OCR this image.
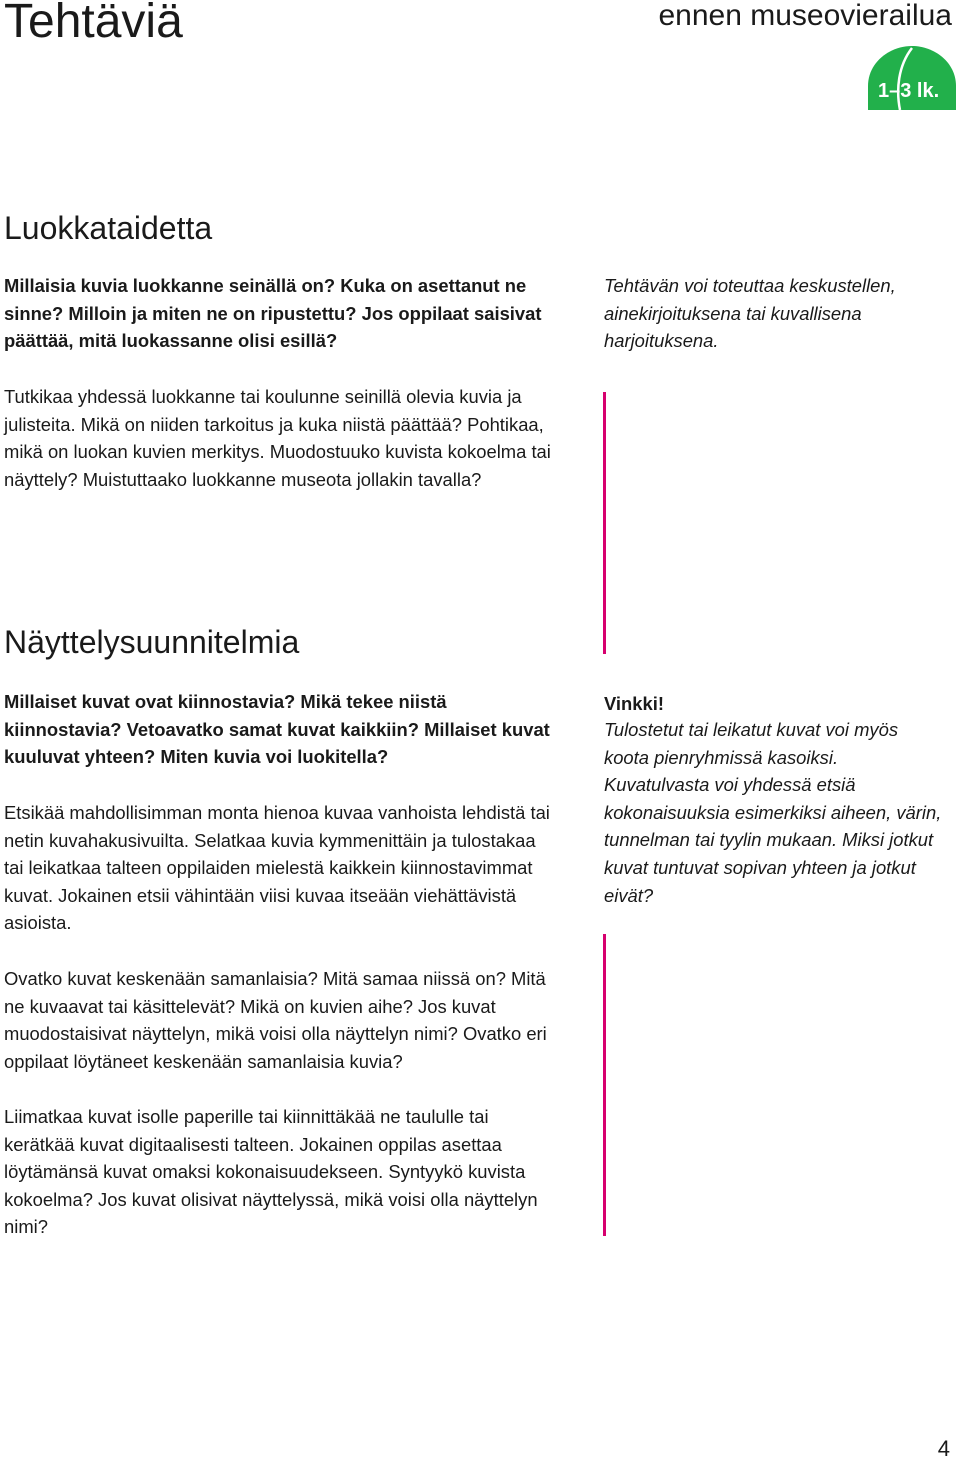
Tehtäviä	ennen museovierailua
1–3 lk.
Luokkataidetta

Millaisia kuvia luokkanne seinällä on? Kuka on asettanut ne sinne? Milloin ja miten ne on ripustettu? Jos oppilaat saisivat päättää, mitä luokassanne olisi esillä?

Tehtävän voi toteuttaa keskustellen, ainekirjoituksena tai kuvallisena harjoituksena.

Tutkikaa yhdessä luokkanne tai koulunne seinillä olevia kuvia ja julisteita. Mikä on niiden tarkoitus ja kuka niistä päättää? Pohtikaa, mikä on luokan kuvien merkitys. Muodostuuko kuvista kokoelma tai näyttely? Muistuttaako luokkanne museota jollakin tavalla?

Näyttelysuunnitelmia

Millaiset kuvat ovat kiinnostavia? Mikä tekee niistä kiinnostavia? Vetoavatko samat kuvat kaikkiin? Millaiset kuvat kuuluvat yhteen? Miten kuvia voi luokitella?

Vinkki!

Tulostetut tai leikatut kuvat voi myös koota pienryhmissä kasoiksi. Kuvatulvasta voi yhdessä etsiä kokonaisuuksia esimerkiksi aiheen, värin, tunnelman tai tyylin mukaan. Miksi jotkut kuvat tuntuvat sopivan yhteen ja jotkut eivät?

Etsikää mahdollisimman monta hienoa kuvaa vanhoista lehdistä tai netin kuvahakusivuilta. Selatkaa kuvia kymmenittäin ja tulostakaa tai leikatkaa talteen oppilaiden mielestä kaikkein kiinnostavimmat kuvat. Jokainen etsii vähintään viisi kuvaa itseään viehättävistä asioista.

Ovatko kuvat keskenään samanlaisia? Mitä samaa niissä on? Mitä ne kuvaavat tai käsittelevät? Mikä on kuvien aihe? Jos kuvat muodostaisivat näyttelyn, mikä voisi olla näyttelyn nimi? Ovatko eri oppilaat löytäneet keskenään samanlaisia kuvia?

Liimatkaa kuvat isolle paperille tai kiinnittäkää ne taululle tai kerätkää kuvat digitaalisesti talteen. Jokainen oppilas asettaa löytämänsä kuvat omaksi kokonaisuudekseen. Syntyykö kuvista kokoelma? Jos kuvat olisivat näyttelyssä, mikä voisi olla näyttelyn nimi?

4
